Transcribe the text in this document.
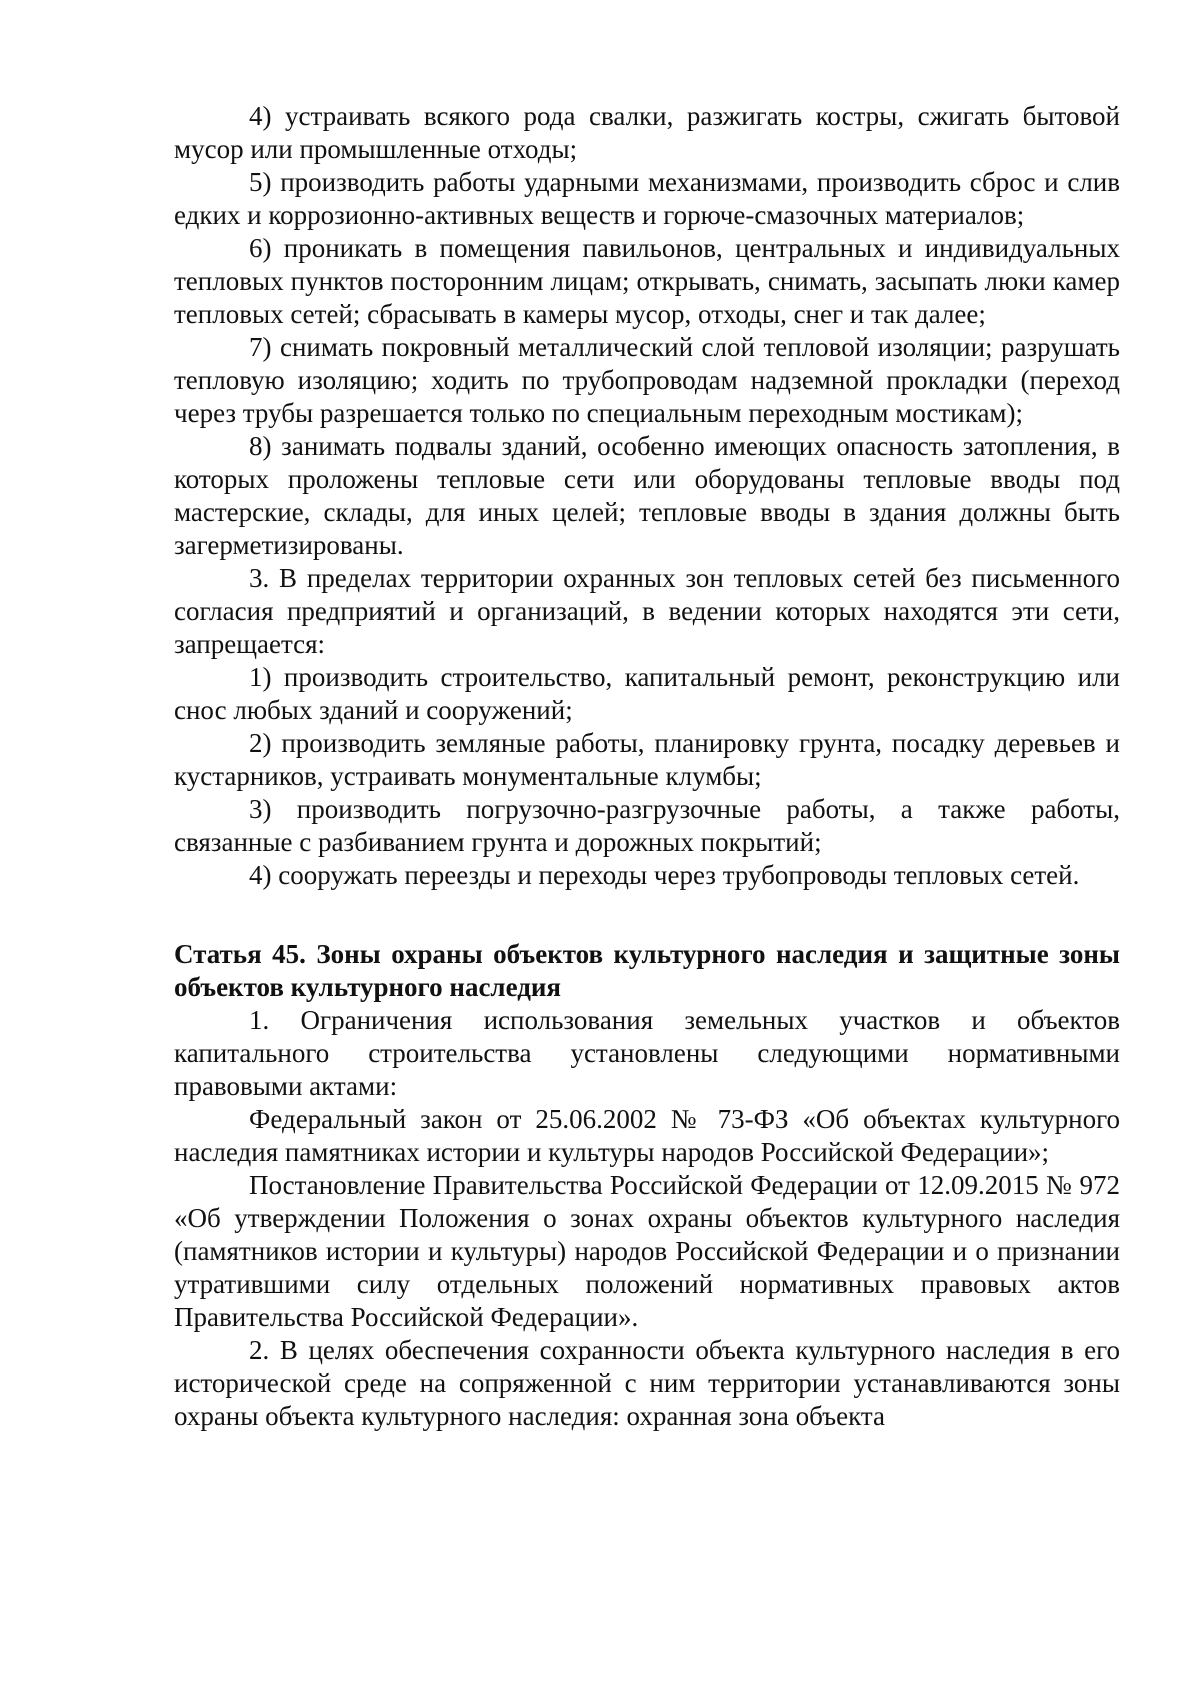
4) устраивать всякого рода свалки, разжигать костры, сжигать бытовой мусор или промышленные отходы;

5) производить работы ударными механизмами, производить сброс и слив едких и коррозионно-активных веществ и горюче-смазочных материалов;

6) проникать в помещения павильонов, центральных и индивидуальных тепловых пунктов посторонним лицам; открывать, снимать, засыпать люки камер тепловых сетей; сбрасывать в камеры мусор, отходы, снег и так далее;

7) снимать покровный металлический слой тепловой изоляции; разрушать тепловую изоляцию; ходить по трубопроводам надземной прокладки (переход через трубы разрешается только по специальным переходным мостикам);

8) занимать подвалы зданий, особенно имеющих опасность затопления, в которых проложены тепловые сети или оборудованы тепловые вводы под мастерские, склады, для иных целей; тепловые вводы в здания должны быть загерметизированы.

3. В пределах территории охранных зон тепловых сетей без письменного согласия предприятий и организаций, в ведении которых находятся эти сети, запрещается:

1) производить строительство, капитальный ремонт, реконструкцию или снос любых зданий и сооружений;

2) производить земляные работы, планировку грунта, посадку деревьев и кустарников, устраивать монументальные клумбы;

3) производить погрузочно-разгрузочные работы, а также работы, связанные с разбиванием грунта и дорожных покрытий;

4) сооружать переезды и переходы через трубопроводы тепловых сетей.

Статья 45. Зоны охраны объектов культурного наследия и защитные зоны объектов культурного наследия

1. Ограничения использования земельных участков и объектов капитального строительства установлены следующими нормативными правовыми актами:

Федеральный закон от 25.06.2002 № 73-ФЗ «Об объектах культурного наследия памятниках истории и культуры народов Российской Федерации»;

Постановление Правительства Российской Федерации от 12.09.2015 № 972 «Об утверждении Положения о зонах охраны объектов культурного наследия (памятников истории и культуры) народов Российской Федерации и о признании утратившими силу отдельных положений нормативных правовых актов Правительства Российской Федерации».

2. В целях обеспечения сохранности объекта культурного наследия в его исторической среде на сопряженной с ним территории устанавливаются зоны охраны объекта культурного наследия: охранная зона объекта
